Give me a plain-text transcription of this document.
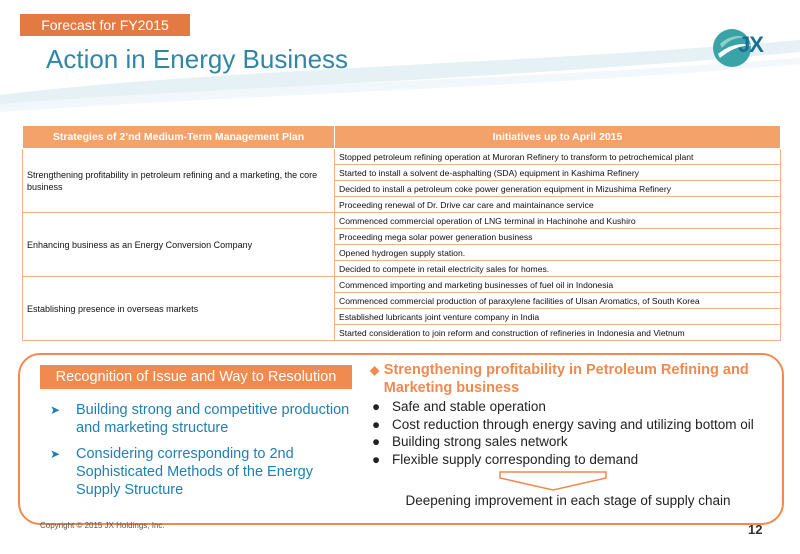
Forecast for FY2015
Action in Energy Business	JX
Strategies of 2’nd Medium-Term Management Plan	Initiatives up to April 2015
Strengthening profitability in petroleum refining and a marketing, the core business	Stopped petroleum refining operation at Muroran Refinery to transform to petrochemical plant
	Started to install a solvent de-asphalting (SDA) equipment in Kashima Refinery
	Decided to install a petroleum coke power generation equipment in Mizushima Refinery
	Proceeding renewal of Dr. Drive car care and maintainance service
Enhancing business as an Energy Conversion Company	Commenced commercial operation of LNG terminal in Hachinohe and Kushiro
	Proceeding mega solar power generation business
	Opened hydrogen supply station.
	Decided to compete in retail electricity sales for homes.
Establishing presence in overseas markets	Commenced importing and marketing businesses of fuel oil in Indonesia
	Commenced commercial production of paraxylene facilities of Ulsan Aromatics, of South Korea
	Established lubricants joint venture company in India
	Started consideration to join reform and construction of refineries in Indonesia and Vietnum
Recognition of Issue and Way to Resolution
➤	Building strong and competitive production and marketing structure
➤	Considering corresponding to 2nd Sophisticated Methods of the Energy Supply Structure
◆ Strengthening profitability in Petroleum Refining and Marketing business
● Safe and stable operation
● Cost reduction through energy saving and utilizing bottom oil
● Building strong sales network
● Flexible supply corresponding to demand
Deepening improvement in each stage of supply chain
Copyright © 2015 JX Holdings, Inc.	12
